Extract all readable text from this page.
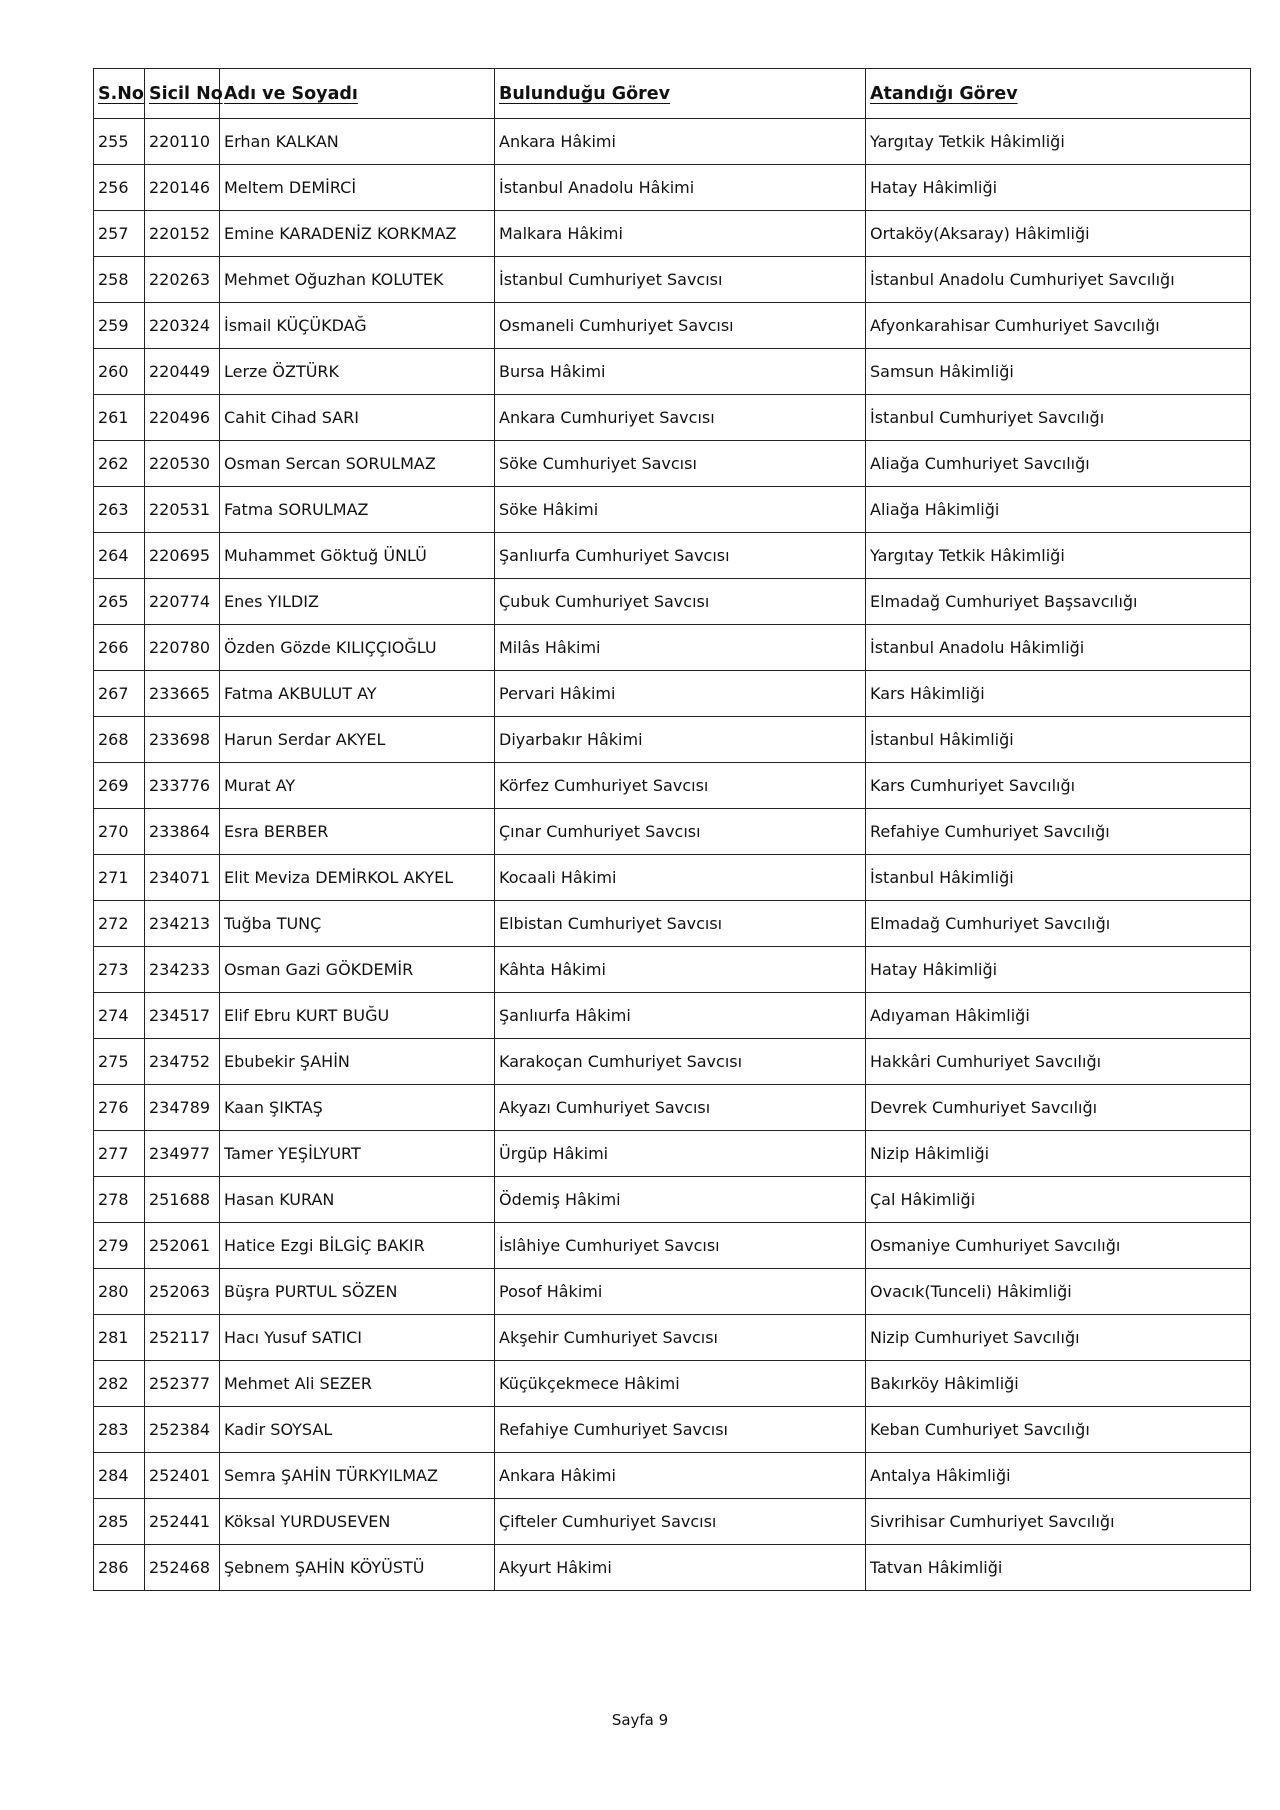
S.No	Sicil No	Adı ve Soyadı	Bulunduğu Görev	Atandığı Görev
255	220110	Erhan KALKAN	Ankara Hâkimi	Yargıtay Tetkik Hâkimliği
256	220146	Meltem DEMİRCİ	İstanbul Anadolu Hâkimi	Hatay Hâkimliği
257	220152	Emine KARADENİZ KORKMAZ	Malkara Hâkimi	Ortaköy(Aksaray) Hâkimliği
258	220263	Mehmet Oğuzhan KOLUTEK	İstanbul Cumhuriyet Savcısı	İstanbul Anadolu Cumhuriyet Savcılığı
259	220324	İsmail KÜÇÜKDAĞ	Osmaneli Cumhuriyet Savcısı	Afyonkarahisar Cumhuriyet Savcılığı
260	220449	Lerze ÖZTÜRK	Bursa Hâkimi	Samsun Hâkimliği
261	220496	Cahit Cihad SARI	Ankara Cumhuriyet Savcısı	İstanbul Cumhuriyet Savcılığı
262	220530	Osman Sercan SORULMAZ	Söke Cumhuriyet Savcısı	Aliağa Cumhuriyet Savcılığı
263	220531	Fatma SORULMAZ	Söke Hâkimi	Aliağa Hâkimliği
264	220695	Muhammet Göktuğ ÜNLÜ	Şanlıurfa Cumhuriyet Savcısı	Yargıtay Tetkik Hâkimliği
265	220774	Enes YILDIZ	Çubuk Cumhuriyet Savcısı	Elmadağ Cumhuriyet Başsavcılığı
266	220780	Özden Gözde KILIÇÇIOĞLU	Milâs Hâkimi	İstanbul Anadolu Hâkimliği
267	233665	Fatma AKBULUT AY	Pervari Hâkimi	Kars Hâkimliği
268	233698	Harun Serdar AKYEL	Diyarbakır Hâkimi	İstanbul Hâkimliği
269	233776	Murat AY	Körfez Cumhuriyet Savcısı	Kars Cumhuriyet Savcılığı
270	233864	Esra BERBER	Çınar Cumhuriyet Savcısı	Refahiye Cumhuriyet Savcılığı
271	234071	Elit Meviza DEMİRKOL AKYEL	Kocaali Hâkimi	İstanbul Hâkimliği
272	234213	Tuğba TUNÇ	Elbistan Cumhuriyet Savcısı	Elmadağ Cumhuriyet Savcılığı
273	234233	Osman Gazi GÖKDEMİR	Kâhta Hâkimi	Hatay Hâkimliği
274	234517	Elif Ebru KURT BUĞU	Şanlıurfa Hâkimi	Adıyaman Hâkimliği
275	234752	Ebubekir ŞAHİN	Karakoçan Cumhuriyet Savcısı	Hakkâri Cumhuriyet Savcılığı
276	234789	Kaan ŞIKTAŞ	Akyazı Cumhuriyet Savcısı	Devrek Cumhuriyet Savcılığı
277	234977	Tamer YEŞİLYURT	Ürgüp Hâkimi	Nizip Hâkimliği
278	251688	Hasan KURAN	Ödemiş Hâkimi	Çal Hâkimliği
279	252061	Hatice Ezgi BİLGİÇ BAKIR	İslâhiye Cumhuriyet Savcısı	Osmaniye Cumhuriyet Savcılığı
280	252063	Büşra PURTUL SÖZEN	Posof Hâkimi	Ovacık(Tunceli) Hâkimliği
281	252117	Hacı Yusuf SATICI	Akşehir Cumhuriyet Savcısı	Nizip Cumhuriyet Savcılığı
282	252377	Mehmet Ali SEZER	Küçükçekmece Hâkimi	Bakırköy Hâkimliği
283	252384	Kadir SOYSAL	Refahiye Cumhuriyet Savcısı	Keban Cumhuriyet Savcılığı
284	252401	Semra ŞAHİN TÜRKYILMAZ	Ankara Hâkimi	Antalya Hâkimliği
285	252441	Köksal YURDUSEVEN	Çifteler Cumhuriyet Savcısı	Sivrihisar Cumhuriyet Savcılığı
286	252468	Şebnem ŞAHİN KÖYÜSTÜ	Akyurt Hâkimi	Tatvan Hâkimliği
Sayfa 9
